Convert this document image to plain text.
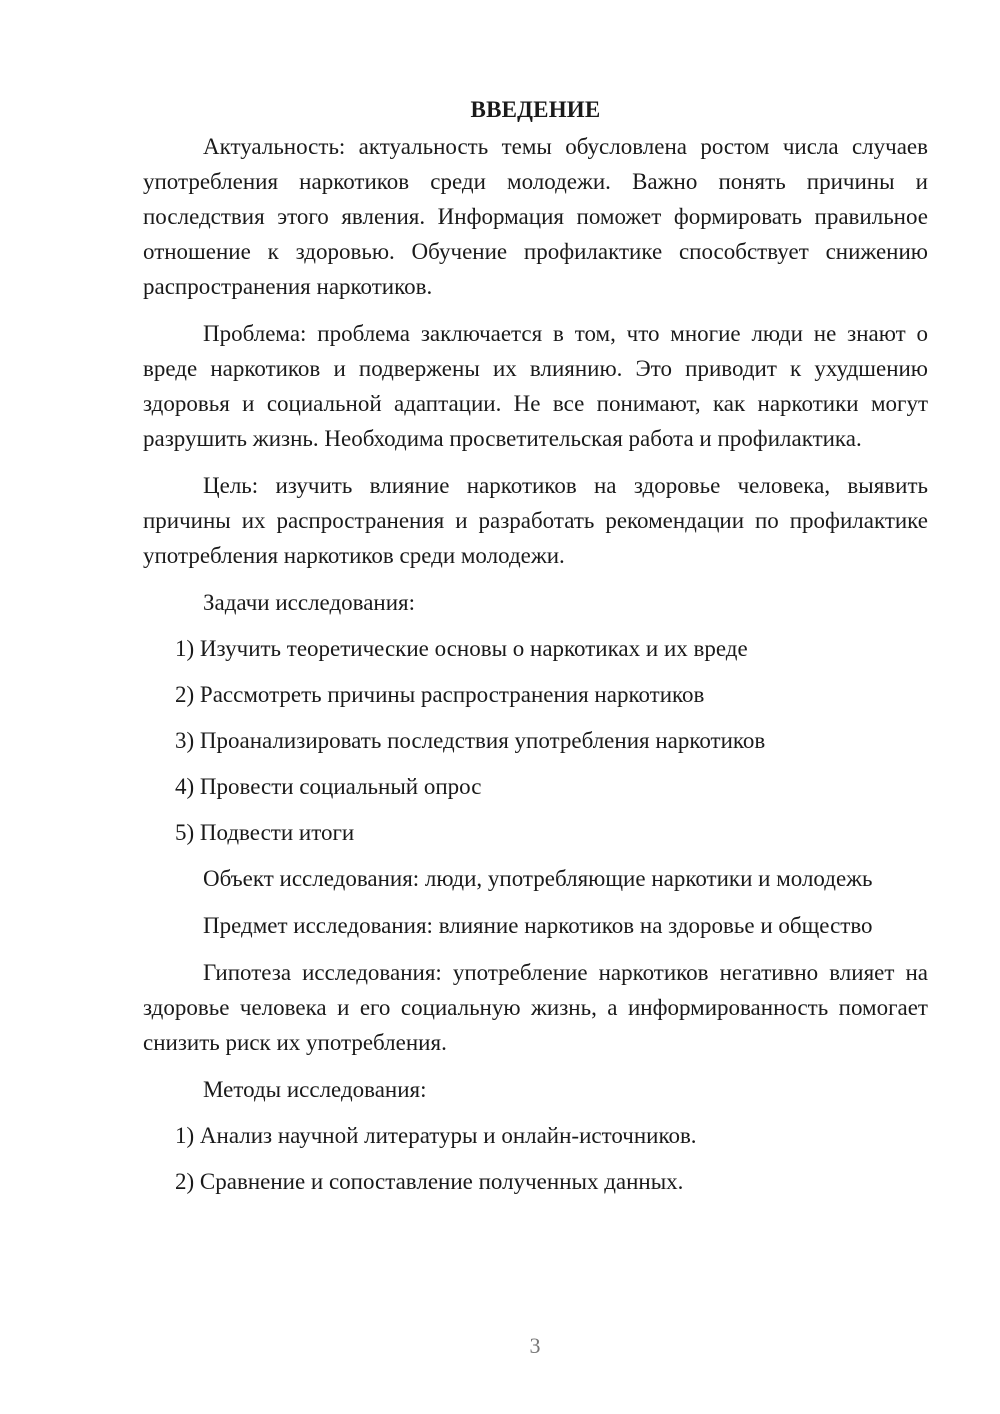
ВВЕДЕНИЕ

Актуальность: актуальность темы обусловлена ростом числа случаев употребления наркотиков среди молодежи. Важно понять причины и последствия этого явления. Информация поможет формировать правильное отношение к здоровью. Обучение профилактике способствует снижению распространения наркотиков.

Проблема: проблема заключается в том, что многие люди не знают о вреде наркотиков и подвержены их влиянию. Это приводит к ухудшению здоровья и социальной адаптации. Не все понимают, как наркотики могут разрушить жизнь. Необходима просветительская работа и профилактика.

Цель: изучить влияние наркотиков на здоровье человека, выявить причины их распространения и разработать рекомендации по профилактике употребления наркотиков среди молодежи.

Задачи исследования:

1) Изучить теоретические основы о наркотиках и их вреде
2) Рассмотреть причины распространения наркотиков
3) Проанализировать последствия употребления наркотиков
4) Провести социальный опрос
5) Подвести итоги

Объект исследования: люди, употребляющие наркотики и молодежь

Предмет исследования: влияние наркотиков на здоровье и общество

Гипотеза исследования: употребление наркотиков негативно влияет на здоровье человека и его социальную жизнь, а информированность помогает снизить риск их употребления.

Методы исследования:

1) Анализ научной литературы и онлайн-источников.
2) Сравнение и сопоставление полученных данных.
3
